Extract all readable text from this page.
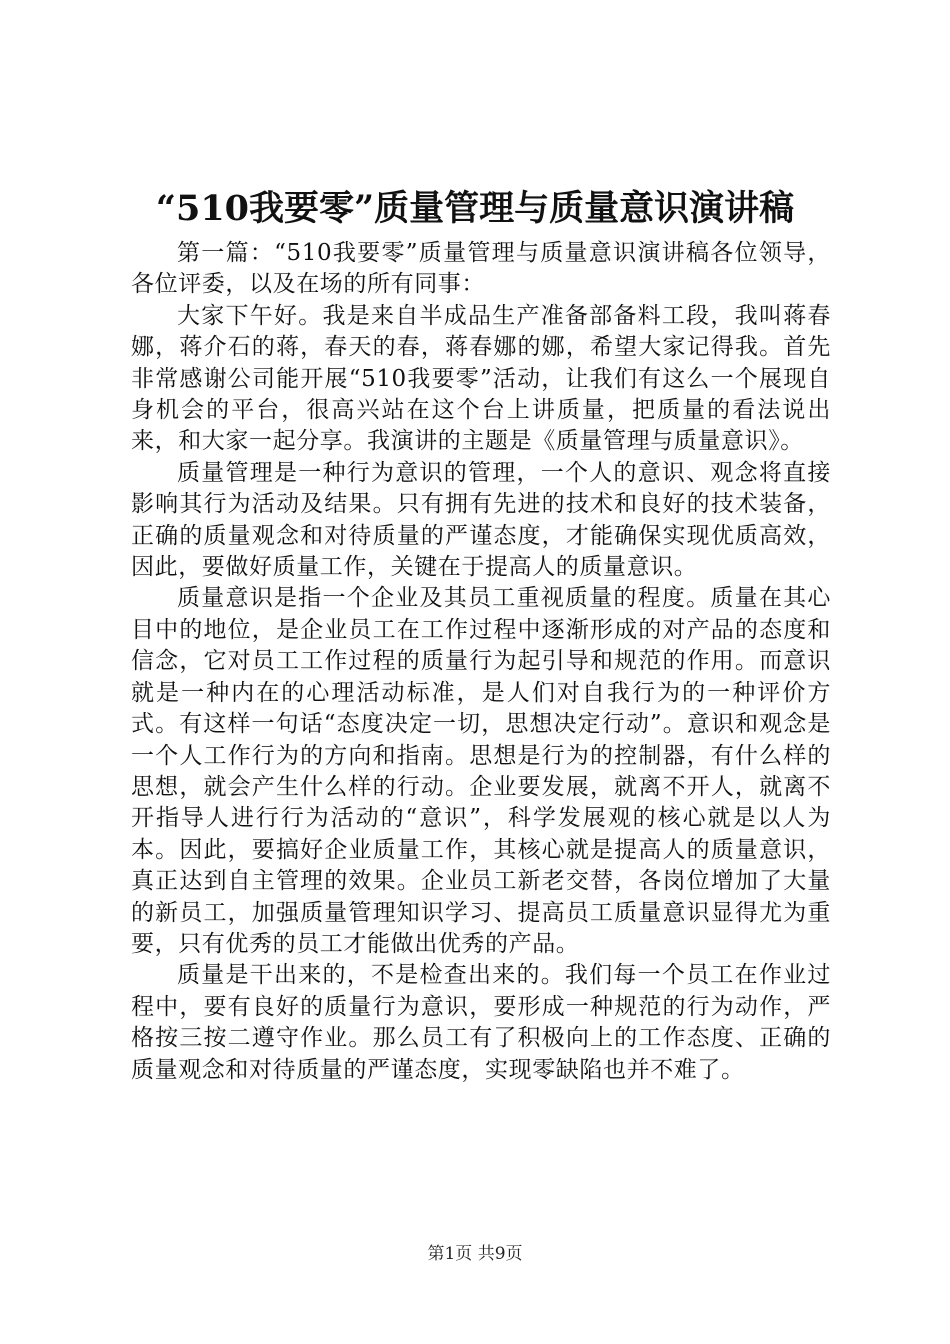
“510我要零”质量管理与质量意识演讲稿

第一篇：“510我要零”质量管理与质量意识演讲稿各位领导，各位评委，以及在场的所有同事：

大家下午好。我是来自半成品生产准备部备料工段，我叫蒋春娜，蒋介石的蒋，春天的春，蒋春娜的娜，希望大家记得我。首先非常感谢公司能开展“510我要零”活动，让我们有这么一个展现自身机会的平台，很高兴站在这个台上讲质量，把质量的看法说出来，和大家一起分享。我演讲的主题是《质量管理与质量意识》。

质量管理是一种行为意识的管理，一个人的意识、观念将直接影响其行为活动及结果。只有拥有先进的技术和良好的技术装备，正确的质量观念和对待质量的严谨态度，才能确保实现优质高效，因此，要做好质量工作，关键在于提高人的质量意识。

质量意识是指一个企业及其员工重视质量的程度。质量在其心目中的地位，是企业员工在工作过程中逐渐形成的对产品的态度和信念，它对员工工作过程的质量行为起引导和规范的作用。而意识就是一种内在的心理活动标准，是人们对自我行为的一种评价方式。有这样一句话“态度决定一切，思想决定行动”。意识和观念是一个人工作行为的方向和指南。思想是行为的控制器，有什么样的思想，就会产生什么样的行动。企业要发展，就离不开人，就离不开指导人进行行为活动的“意识”，科学发展观的核心就是以人为本。因此，要搞好企业质量工作，其核心就是提高人的质量意识，真正达到自主管理的效果。企业员工新老交替，各岗位增加了大量的新员工，加强质量管理知识学习、提高员工质量意识显得尤为重要，只有优秀的员工才能做出优秀的产品。

质量是干出来的，不是检查出来的。我们每一个员工在作业过程中，要有良好的质量行为意识，要形成一种规范的行为动作，严格按三按二遵守作业。那么员工有了积极向上的工作态度、正确的质量观念和对待质量的严谨态度，实现零缺陷也并不难了。

第1页 共9页
